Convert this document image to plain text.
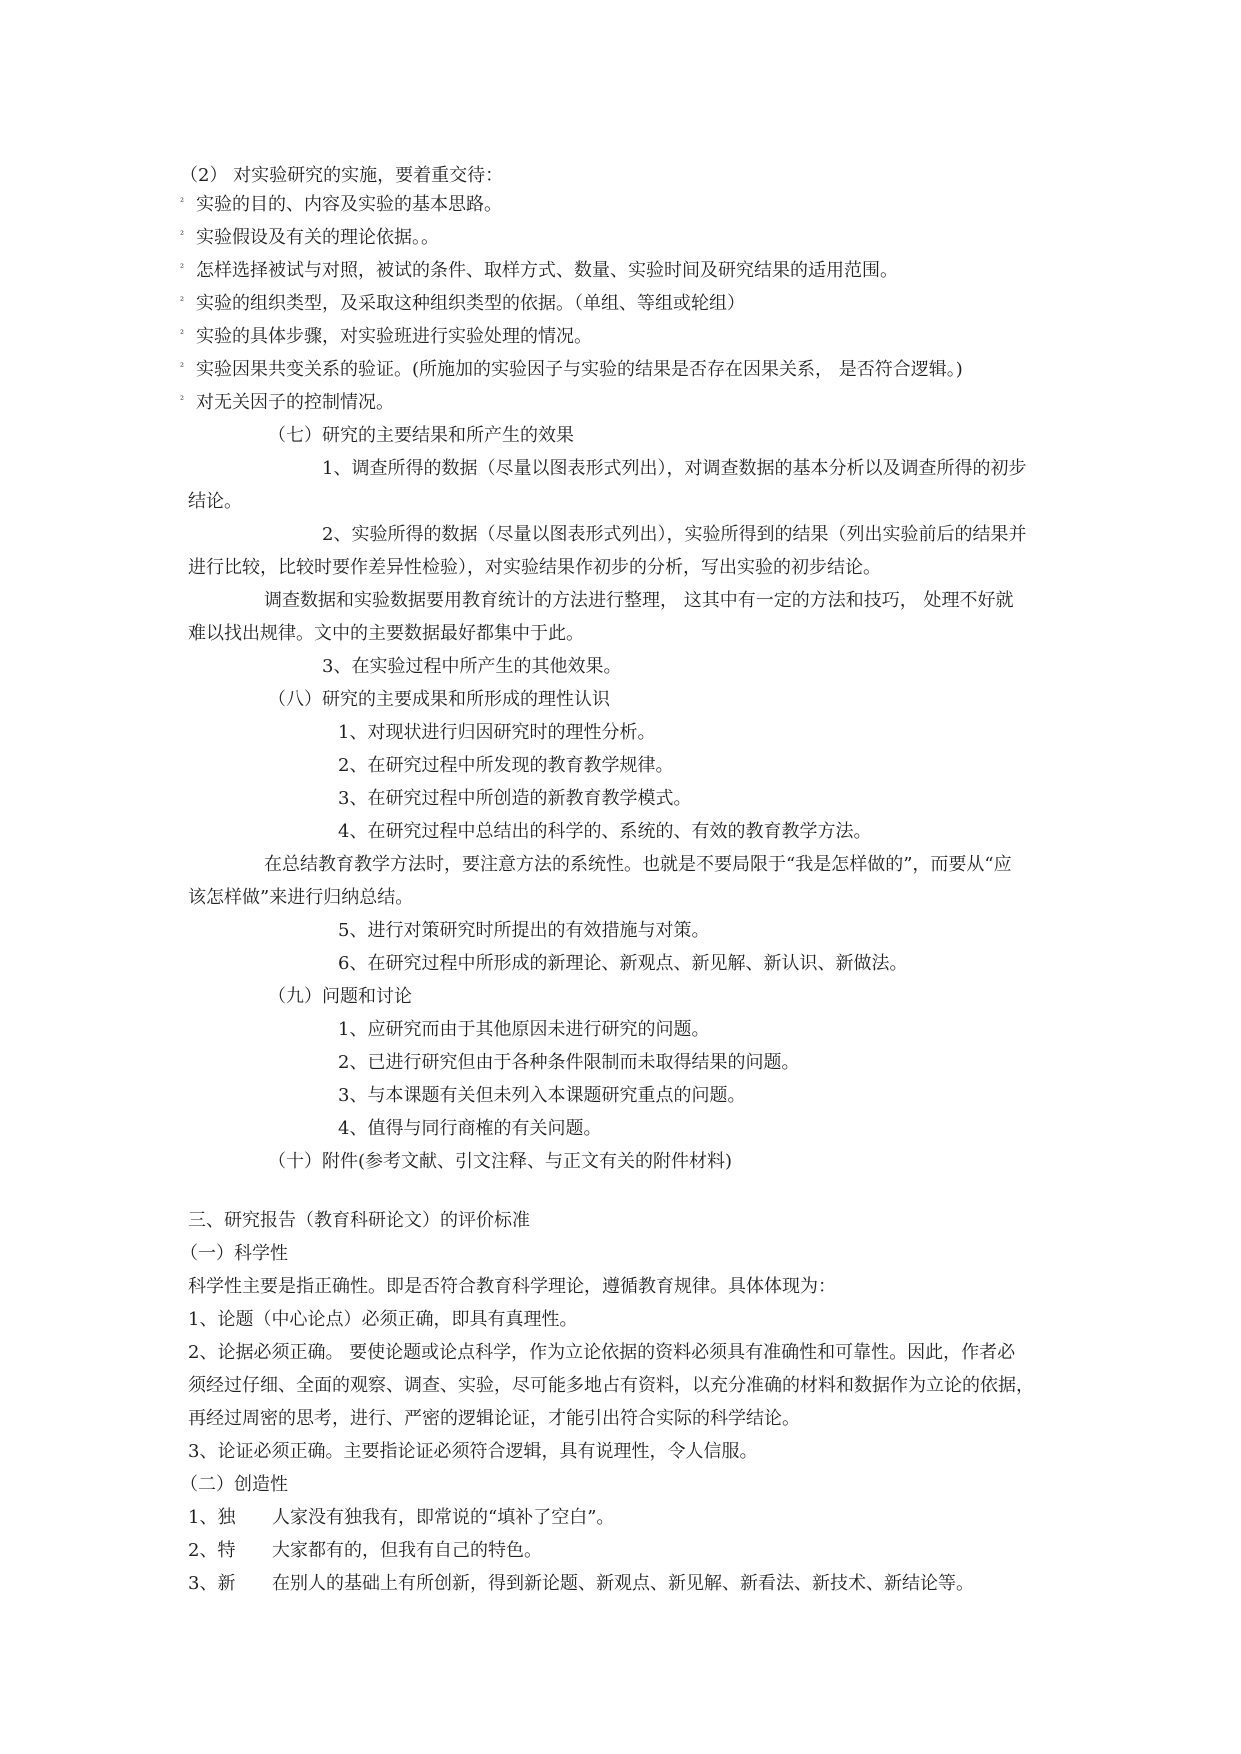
（2） 对实验研究的实施，要着重交待：
² 实验的目的、内容及实验的基本思路。
² 实验假设及有关的理论依据。。
² 怎样选择被试与对照，被试的条件、取样方式、数量、实验时间及研究结果的适用范围。
² 实验的组织类型，及采取这种组织类型的依据。（单组、等组或轮组）
² 实验的具体步骤，对实验班进行实验处理的情况。
² 实验因果共变关系的验证。(所施加的实验因子与实验的结果是否存在因果关系， 是否符合逻辑。)
² 对无关因子的控制情况。
（七）研究的主要结果和所产生的效果
1、调查所得的数据（尽量以图表形式列出），对调查数据的基本分析以及调查所得的初步
结论。
2、实验所得的数据（尽量以图表形式列出），实验所得到的结果（列出实验前后的结果并
进行比较，比较时要作差异性检验），对实验结果作初步的分析，写出实验的初步结论。
调查数据和实验数据要用教育统计的方法进行整理， 这其中有一定的方法和技巧， 处理不好就
难以找出规律。文中的主要数据最好都集中于此。
3、在实验过程中所产生的其他效果。
（八）研究的主要成果和所形成的理性认识
1、对现状进行归因研究时的理性分析。
2、在研究过程中所发现的教育教学规律。
3、在研究过程中所创造的新教育教学模式。
4、在研究过程中总结出的科学的、系统的、有效的教育教学方法。
在总结教育教学方法时，要注意方法的系统性。也就是不要局限于“我是怎样做的”，而要从“应
该怎样做”来进行归纳总结。
5、进行对策研究时所提出的有效措施与对策。
6、在研究过程中所形成的新理论、新观点、新见解、新认识、新做法。
（九）问题和讨论
1、应研究而由于其他原因未进行研究的问题。
2、已进行研究但由于各种条件限制而未取得结果的问题。
3、与本课题有关但未列入本课题研究重点的问题。
4、值得与同行商榷的有关问题。
（十）附件(参考文献、引文注释、与正文有关的附件材料)
三、研究报告（教育科研论文）的评价标准
（一）科学性
科学性主要是指正确性。即是否符合教育科学理论，遵循教育规律。具体体现为：
1、论题（中心论点）必须正确，即具有真理性。
2、论据必须正确。 要使论题或论点科学，作为立论依据的资料必须具有准确性和可靠性。因此，作者必
须经过仔细、全面的观察、调查、实验，尽可能多地占有资料，以充分准确的材料和数据作为立论的依据，
再经过周密的思考，进行、严密的逻辑论证，才能引出符合实际的科学结论。
3、论证必须正确。主要指论证必须符合逻辑，具有说理性，令人信服。
（二）创造性
1、独 人家没有独我有，即常说的“填补了空白”。
2、特 大家都有的，但我有自己的特色。
3、新 在别人的基础上有所创新，得到新论题、新观点、新见解、新看法、新技术、新结论等。
